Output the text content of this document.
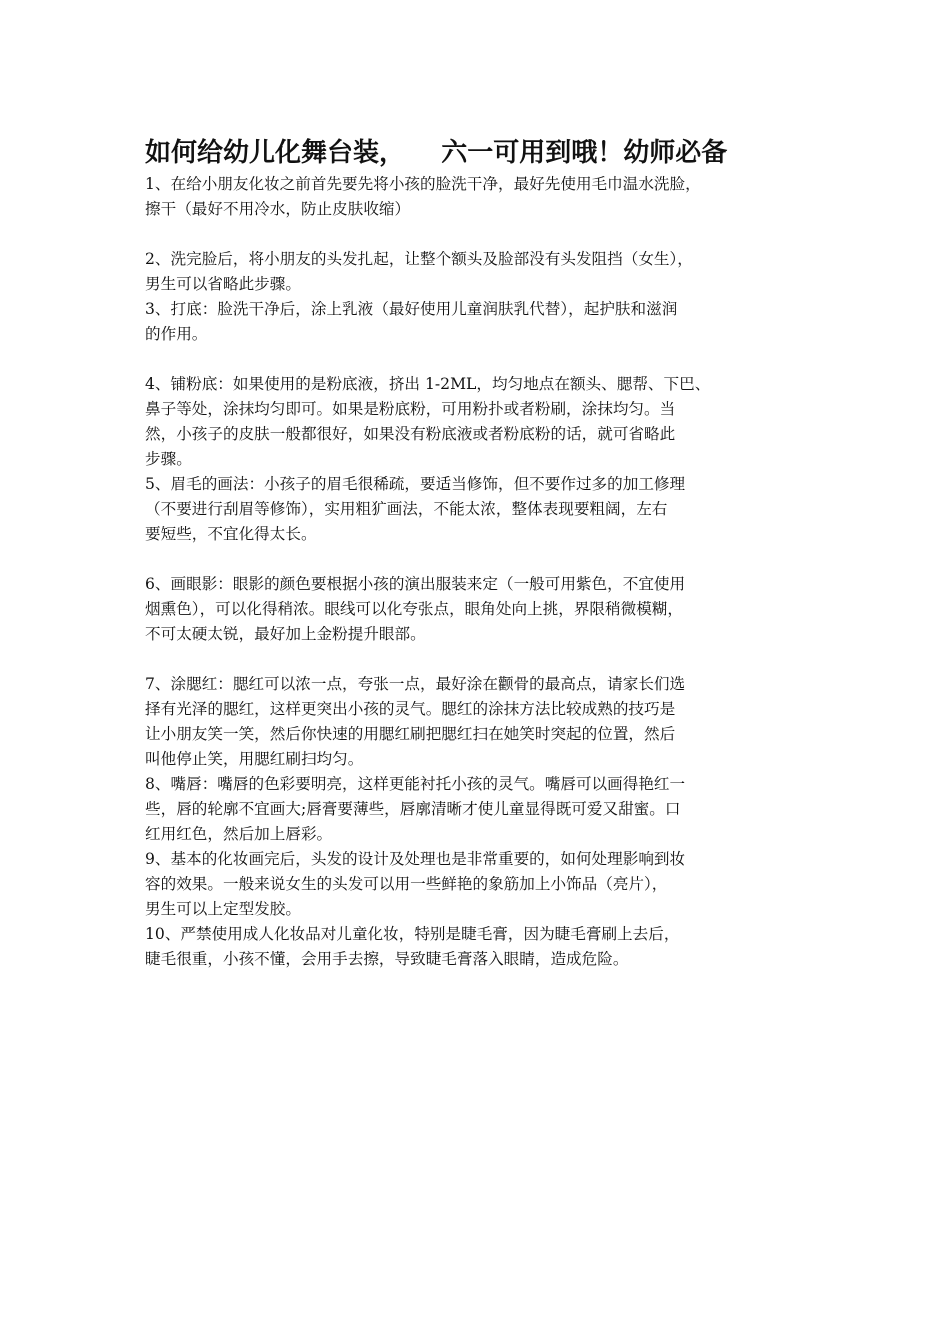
如何给幼儿化舞台装，    六一可用到哦！幼师必备

1、在给小朋友化妆之前首先要先将小孩的脸洗干净，最好先使用毛巾温水洗脸，
擦干（最好不用冷水，防止皮肤收缩）

2、洗完脸后，将小朋友的头发扎起，让整个额头及脸部没有头发阻挡（女生），
男生可以省略此步骤。

3、打底：脸洗干净后，涂上乳液（最好使用儿童润肤乳代替），起护肤和滋润
的作用。

4、铺粉底：如果使用的是粉底液，挤出 1-2ML，均匀地点在额头、腮帮、下巴、
鼻子等处，涂抹均匀即可。如果是粉底粉，可用粉扑或者粉刷，涂抹均匀。当
然，小孩子的皮肤一般都很好，如果没有粉底液或者粉底粉的话，就可省略此
步骤。

5、眉毛的画法：小孩子的眉毛很稀疏，要适当修饰，但不要作过多的加工修理
（不要进行刮眉等修饰），实用粗犷画法，不能太浓，整体表现要粗阔，左右
要短些，不宜化得太长。

6、画眼影：眼影的颜色要根据小孩的演出服装来定（一般可用紫色，不宜使用
烟熏色），可以化得稍浓。眼线可以化夸张点，眼角处向上挑，界限稍微模糊，
不可太硬太锐，最好加上金粉提升眼部。

7、涂腮红：腮红可以浓一点，夸张一点，最好涂在颧骨的最高点，请家长们选
择有光泽的腮红，这样更突出小孩的灵气。腮红的涂抹方法比较成熟的技巧是
让小朋友笑一笑，然后你快速的用腮红刷把腮红扫在她笑时突起的位置，然后
叫他停止笑，用腮红刷扫均匀。

8、嘴唇：嘴唇的色彩要明亮，这样更能衬托小孩的灵气。嘴唇可以画得艳红一
些，唇的轮廓不宜画大;唇膏要薄些，唇廓清晰才使儿童显得既可爱又甜蜜。口
红用红色，然后加上唇彩。

9、基本的化妆画完后，头发的设计及处理也是非常重要的，如何处理影响到妆
容的效果。一般来说女生的头发可以用一些鲜艳的象筋加上小饰品（亮片），
男生可以上定型发胶。

10、严禁使用成人化妆品对儿童化妆，特别是睫毛膏，因为睫毛膏刷上去后，
睫毛很重，小孩不懂，会用手去擦，导致睫毛膏落入眼睛，造成危险。
